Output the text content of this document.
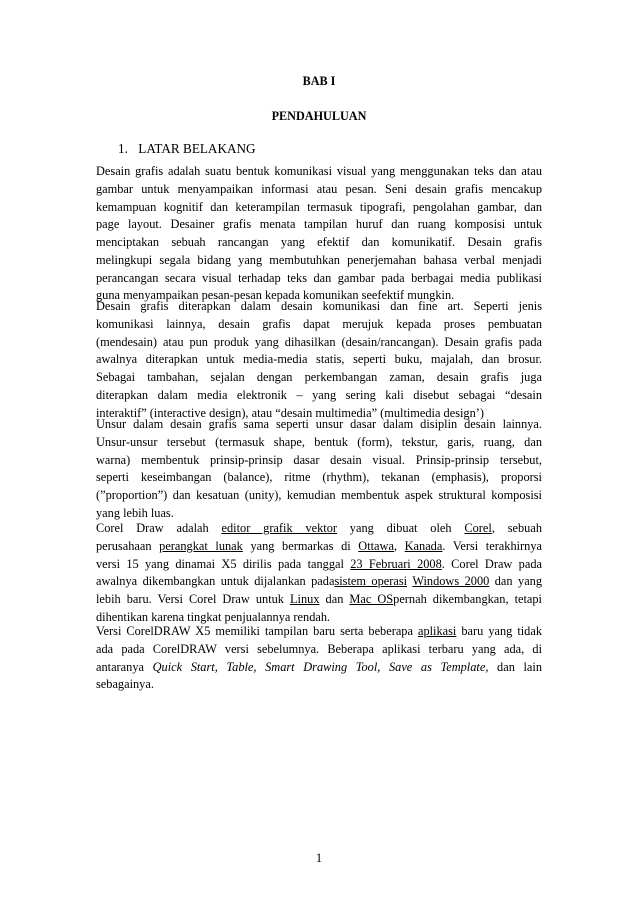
BAB I
PENDAHULUAN
1. LATAR BELAKANG

Desain grafis adalah suatu bentuk komunikasi visual yang menggunakan teks dan atau
gambar untuk menyampaikan informasi atau pesan. Seni desain grafis mencakup
kemampuan kognitif dan keterampilan termasuk tipografi, pengolahan gambar, dan
page layout. Desainer grafis menata tampilan huruf dan ruang komposisi untuk
menciptakan sebuah rancangan yang efektif dan komunikatif. Desain grafis
melingkupi segala bidang yang membutuhkan penerjemahan bahasa verbal menjadi
perancangan secara visual terhadap teks dan gambar pada berbagai media publikasi
guna menyampaikan pesan-pesan kepada komunikan seefektif mungkin.

Desain grafis diterapkan dalam desain komunikasi dan fine art. Seperti jenis
komunikasi lainnya, desain grafis dapat merujuk kepada proses pembuatan
(mendesain) atau pun produk yang dihasilkan (desain/rancangan). Desain grafis pada
awalnya diterapkan untuk media-media statis, seperti buku, majalah, dan brosur.
Sebagai tambahan, sejalan dengan perkembangan zaman, desain grafis juga
diterapkan dalam media elektronik – yang sering kali disebut sebagai “desain
interaktif” (interactive design), atau “desain multimedia” (multimedia design’)

Unsur dalam desain grafis sama seperti unsur dasar dalam disiplin desain lainnya.
Unsur-unsur tersebut (termasuk shape, bentuk (form), tekstur, garis, ruang, dan
warna) membentuk prinsip-prinsip dasar desain visual. Prinsip-prinsip tersebut,
seperti keseimbangan (balance), ritme (rhythm), tekanan (emphasis), proporsi
(”proportion”) dan kesatuan (unity), kemudian membentuk aspek struktural komposisi
yang lebih luas.

Corel Draw adalah editor grafik vektor yang dibuat oleh Corel, sebuah
perusahaan perangkat lunak yang bermarkas di Ottawa, Kanada. Versi terakhirnya
versi 15 yang dinamai X5 dirilis pada tanggal 23 Februari 2008. Corel Draw pada
awalnya dikembangkan untuk dijalankan padasistem operasi Windows 2000 dan yang
lebih baru. Versi Corel Draw untuk Linux dan Mac OSpernah dikembangkan, tetapi
dihentikan karena tingkat penjualannya rendah.

Versi CorelDRAW X5 memiliki tampilan baru serta beberapa aplikasi baru yang tidak
ada pada CorelDRAW versi sebelumnya. Beberapa aplikasi terbaru yang ada, di
antaranya Quick Start, Table, Smart Drawing Tool, Save as Template, dan lain
sebagainya.

1
